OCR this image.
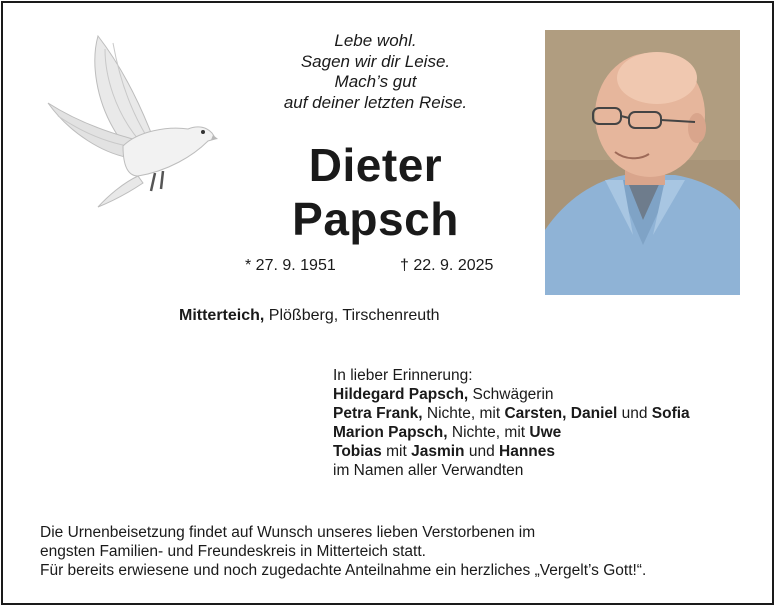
Lebe wohl.
Sagen wir dir Leise.
Mach’s gut
auf deiner letzten Reise.
Dieter
Papsch
* 27. 9. 1951	† 22. 9. 2025
Mitterteich, Plößberg, Tirschenreuth
In lieber Erinnerung:
Hildegard Papsch, Schwägerin
Petra Frank, Nichte, mit Carsten, Daniel und Sofia
Marion Papsch, Nichte, mit Uwe
Tobias mit Jasmin und Hannes
im Namen aller Verwandten
Die Urnenbeisetzung findet auf Wunsch unseres lieben Verstorbenen im
engsten Familien- und Freundeskreis in Mitterteich statt.
Für bereits erwiesene und noch zugedachte Anteilnahme ein herzliches „Vergelt’s Gott!“.
